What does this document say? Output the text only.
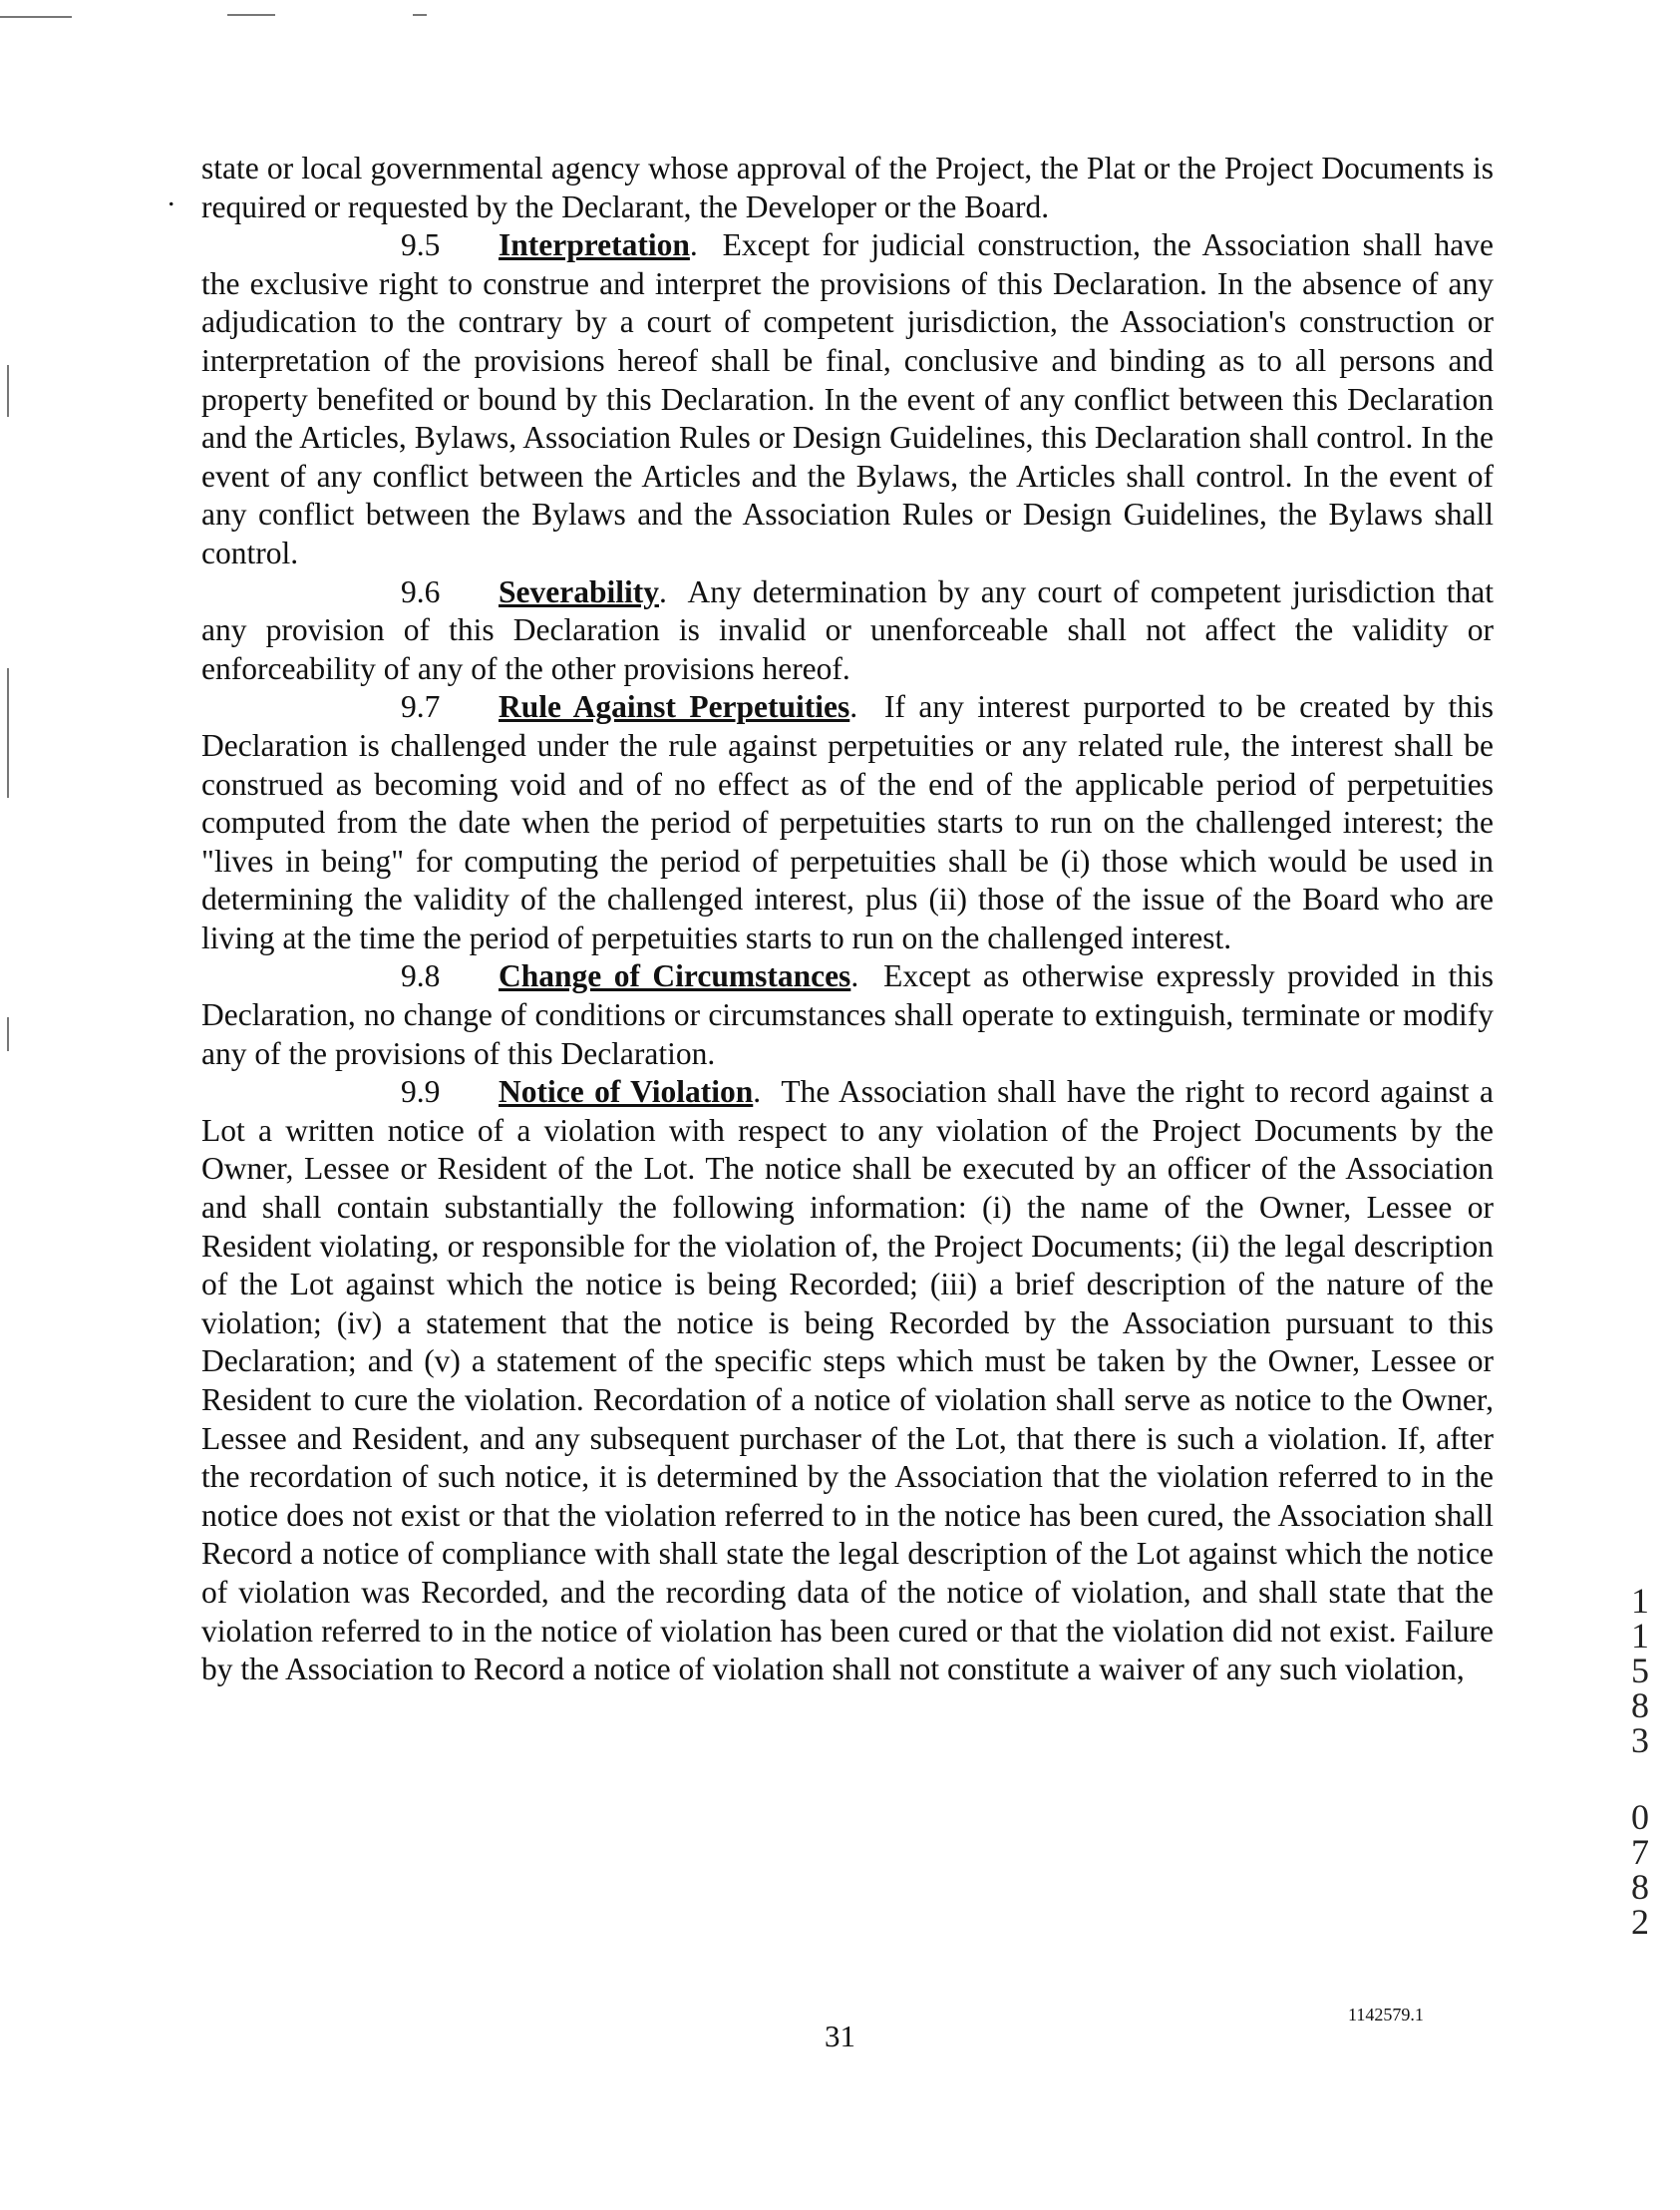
.

state or local governmental agency whose approval of the Project, the Plat or the Project Documents is required or requested by the Declarant, the Developer or the Board.

9.5 Interpretation. Except for judicial construction, the Association shall have the exclusive right to construe and interpret the provisions of this Declaration. In the absence of any adjudication to the contrary by a court of competent jurisdiction, the Association's construction or interpretation of the provisions hereof shall be final, conclusive and binding as to all persons and property benefited or bound by this Declaration. In the event of any conflict between this Declaration and the Articles, Bylaws, Association Rules or Design Guidelines, this Declaration shall control. In the event of any conflict between the Articles and the Bylaws, the Articles shall control. In the event of any conflict between the Bylaws and the Association Rules or Design Guidelines, the Bylaws shall control.

9.6 Severability. Any determination by any court of competent jurisdiction that any provision of this Declaration is invalid or unenforceable shall not affect the validity or enforceability of any of the other provisions hereof.

9.7 Rule Against Perpetuities. If any interest purported to be created by this Declaration is challenged under the rule against perpetuities or any related rule, the interest shall be construed as becoming void and of no effect as of the end of the applicable period of perpetuities computed from the date when the period of perpetuities starts to run on the challenged interest; the "lives in being" for computing the period of perpetuities shall be (i) those which would be used in determining the validity of the challenged interest, plus (ii) those of the issue of the Board who are living at the time the period of perpetuities starts to run on the challenged interest.

9.8 Change of Circumstances. Except as otherwise expressly provided in this Declaration, no change of conditions or circumstances shall operate to extinguish, terminate or modify any of the provisions of this Declaration.

9.9 Notice of Violation. The Association shall have the right to record against a Lot a written notice of a violation with respect to any violation of the Project Documents by the Owner, Lessee or Resident of the Lot. The notice shall be executed by an officer of the Association and shall contain substantially the following information: (i) the name of the Owner, Lessee or Resident violating, or responsible for the violation of, the Project Documents; (ii) the legal description of the Lot against which the notice is being Recorded; (iii) a brief description of the nature of the violation; (iv) a statement that the notice is being Recorded by the Association pursuant to this Declaration; and (v) a statement of the specific steps which must be taken by the Owner, Lessee or Resident to cure the violation. Recordation of a notice of violation shall serve as notice to the Owner, Lessee and Resident, and any subsequent purchaser of the Lot, that there is such a violation. If, after the recordation of such notice, it is determined by the Association that the violation referred to in the notice does not exist or that the violation referred to in the notice has been cured, the Association shall Record a notice of compliance with shall state the legal description of the Lot against which the notice of violation was Recorded, and the recording data of the notice of violation, and shall state that the violation referred to in the notice of violation has been cured or that the violation did not exist. Failure by the Association to Record a notice of violation shall not constitute a waiver of any such violation,

1142579.1
31
1
1
5
8
3
0
7
8
2
